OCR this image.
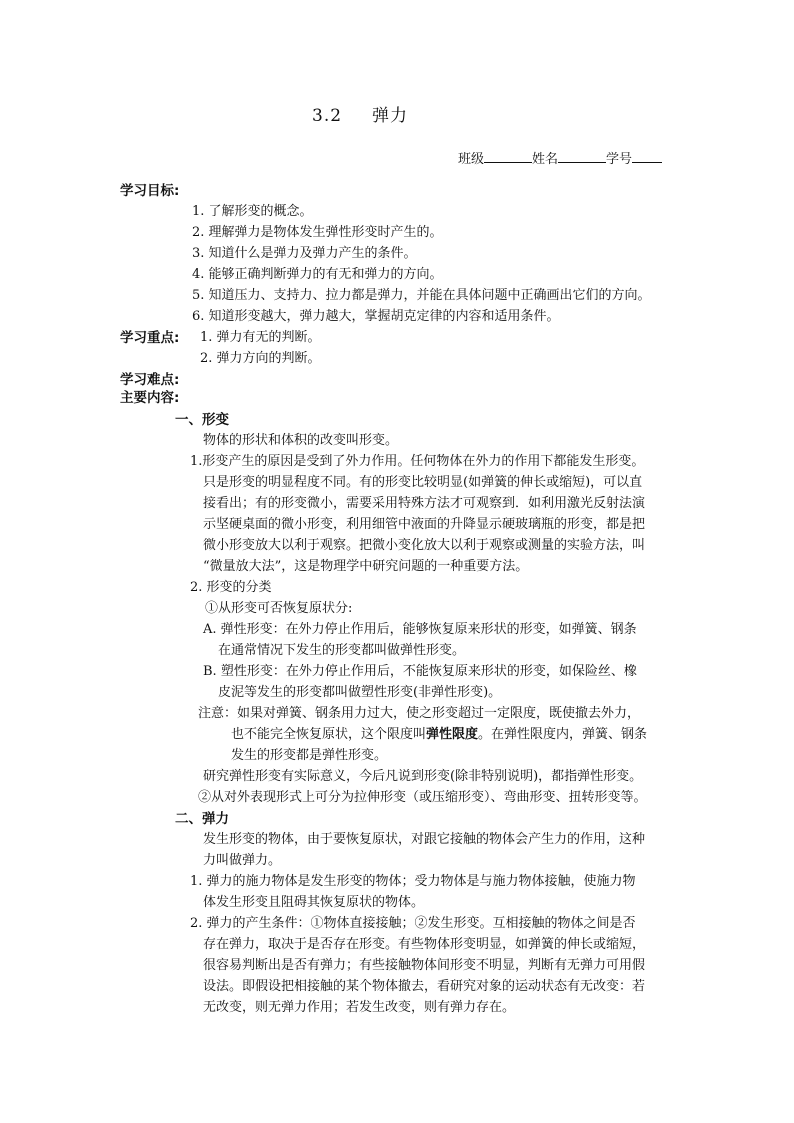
3.2 弹力
班级	姓名	学号
学习目标:
1. 了解形变的概念。
2. 理解弹力是物体发生弹性形变时产生的。
3. 知道什么是弹力及弹力产生的条件。
4. 能够正确判断弹力的有无和弹力的方向。
5. 知道压力、支持力、拉力都是弹力，并能在具体问题中正确画出它们的方向。
6. 知道形变越大，弹力越大，掌握胡克定律的内容和适用条件。
学习重点: 1. 弹力有无的判断。
2. 弹力方向的判断。
学习难点:
主要内容:
一、形变
物体的形状和体积的改变叫形变。
1.形变产生的原因是受到了外力作用。任何物体在外力的作用下都能发生形变。
只是形变的明显程度不同。有的形变比较明显(如弹簧的伸长或缩短)，可以直
接看出；有的形变微小，需要采用特殊方法才可观察到．如利用激光反射法演
示坚硬桌面的微小形变，利用细管中液面的升降显示硬玻璃瓶的形变，都是把
微小形变放大以利于观察。把微小变化放大以利于观察或测量的实验方法，叫
“微量放大法”，这是物理学中研究问题的一种重要方法。
2. 形变的分类
①从形变可否恢复原状分:
A. 弹性形变：在外力停止作用后，能够恢复原来形状的形变，如弹簧、钢条
在通常情况下发生的形变都叫做弹性形变。
B. 塑性形变：在外力停止作用后，不能恢复原来形状的形变，如保险丝、橡
皮泥等发生的形变都叫做塑性形变(非弹性形变)。
注意：如果对弹簧、钢条用力过大，使之形变超过一定限度，既使撤去外力，
也不能完全恢复原状，这个限度叫弹性限度。在弹性限度内，弹簧、钢条
发生的形变都是弹性形变。
研究弹性形变有实际意义，今后凡说到形变(除非特别说明)，都指弹性形变。
②从对外表现形式上可分为拉伸形变（或压缩形变）、弯曲形变、扭转形变等。
二、弹力
发生形变的物体，由于要恢复原状，对跟它接触的物体会产生力的作用，这种
力叫做弹力。
1. 弹力的施力物体是发生形变的物体；受力物体是与施力物体接触，使施力物
体发生形变且阻碍其恢复原状的物体。
2. 弹力的产生条件：①物体直接接触；②发生形变。互相接触的物体之间是否
存在弹力，取决于是否存在形变。有些物体形变明显，如弹簧的伸长或缩短，
很容易判断出是否有弹力；有些接触物体间形变不明显，判断有无弹力可用假
设法。即假设把相接触的某个物体撤去，看研究对象的运动状态有无改变：若
无改变，则无弹力作用；若发生改变，则有弹力存在。
